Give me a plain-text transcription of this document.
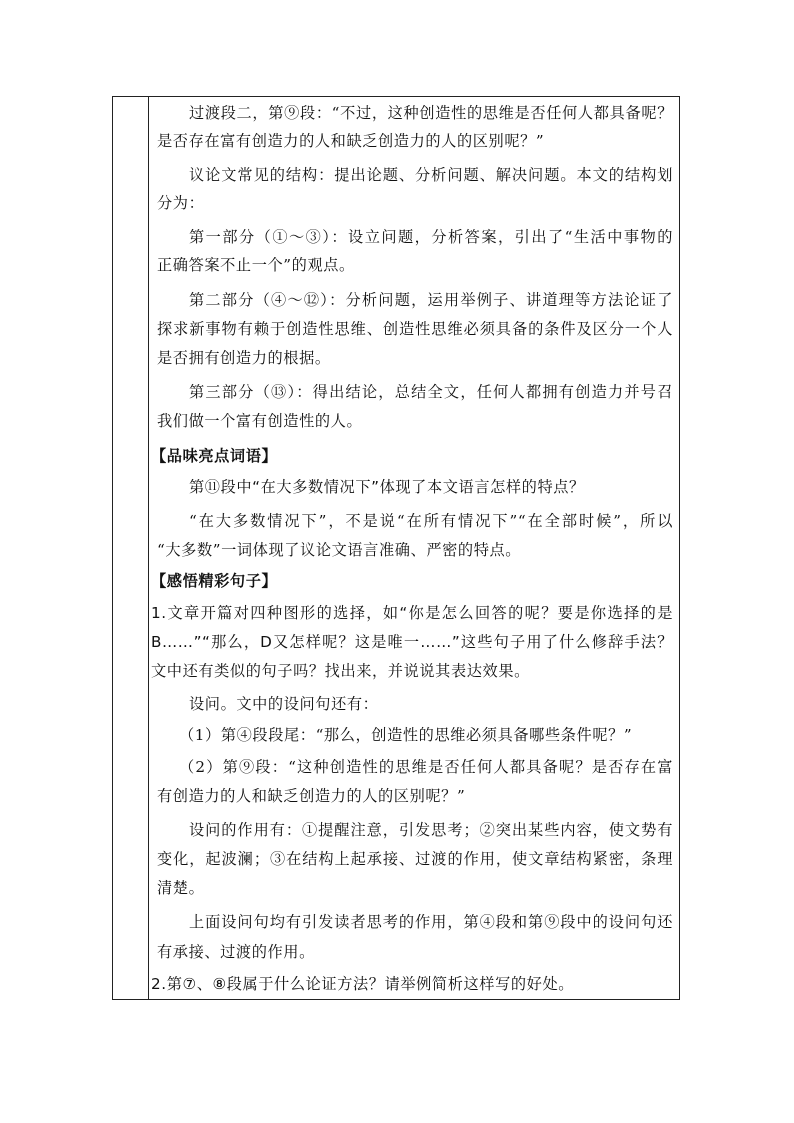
过渡段二，第⑨段：“不过，这种创造性的思维是否任何人都具备呢？
是否存在富有创造力的人和缺乏创造力的人的区别呢？”
议论文常见的结构：提出论题、分析问题、解决问题。本文的结构划
分为：
第一部分（①～③）：设立问题，分析答案，引出了“生活中事物的
正确答案不止一个”的观点。
第二部分（④～⑫）：分析问题，运用举例子、讲道理等方法论证了
探求新事物有赖于创造性思维、创造性思维必须具备的条件及区分一个人
是否拥有创造力的根据。
第三部分（⑬）：得出结论，总结全文，任何人都拥有创造力并号召
我们做一个富有创造性的人。
【品味亮点词语】
第⑪段中“在大多数情况下”体现了本文语言怎样的特点？
“在大多数情况下”，不是说“在所有情况下”“在全部时候”，所以
“大多数”一词体现了议论文语言准确、严密的特点。
【感悟精彩句子】
1.文章开篇对四种图形的选择，如“你是怎么回答的呢？要是你选择的是
B……”“那么，D又怎样呢？这是唯一……”这些句子用了什么修辞手法？
文中还有类似的句子吗？找出来，并说说其表达效果。
设问。文中的设问句还有：
（1）第④段段尾：“那么，创造性的思维必须具备哪些条件呢？”
（2）第⑨段：“这种创造性的思维是否任何人都具备呢？是否存在富
有创造力的人和缺乏创造力的人的区别呢？”
设问的作用有：①提醒注意，引发思考；②突出某些内容，使文势有
变化，起波澜；③在结构上起承接、过渡的作用，使文章结构紧密，条理
清楚。
上面设问句均有引发读者思考的作用，第④段和第⑨段中的设问句还
有承接、过渡的作用。
2.第⑦、⑧段属于什么论证方法？请举例简析这样写的好处。
